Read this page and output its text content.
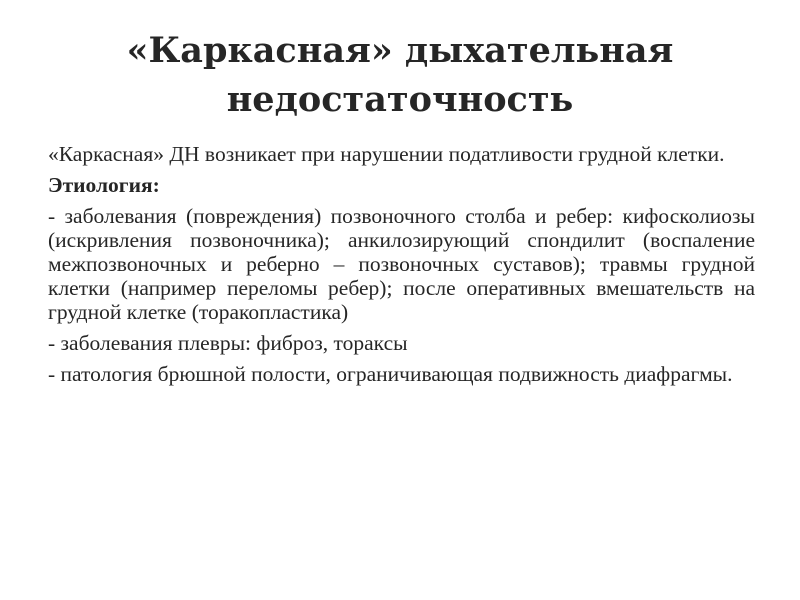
«Каркасная» дыхательная недостаточность

«Каркасная» ДН возникает при нарушении податливости грудной клетки.

Этиология:

- заболевания (повреждения) позвоночного столба и ребер: кифосколиозы (искривления позвоночника); анкилозирующий спондилит (воспаление межпозвоночных и реберно – позвоночных суставов); травмы грудной клетки (например переломы ребер); после оперативных вмешательств на грудной клетке (торакопластика)

- заболевания плевры: фиброз, тораксы

- патология брюшной полости, ограничивающая подвижность диафрагмы.
